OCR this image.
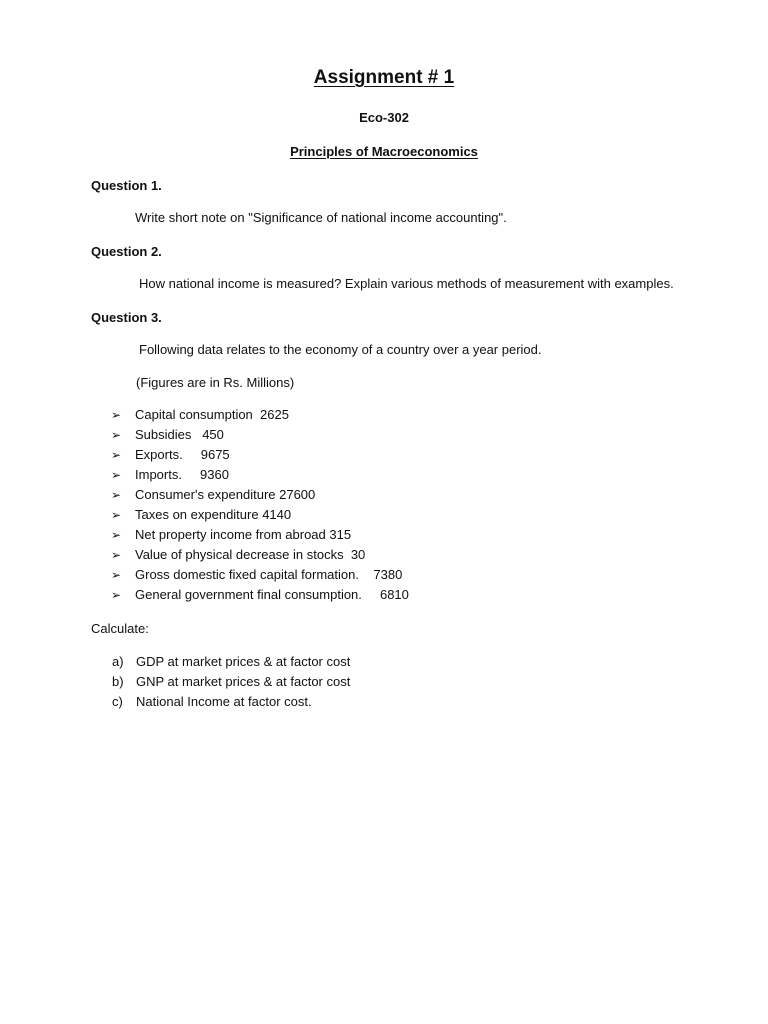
Assignment # 1
Eco-302
Principles of Macroeconomics
Question 1.
Write short note on "Significance of national income accounting".
Question 2.
How national income is measured? Explain various methods of measurement with examples.
Question 3.
Following data relates to the economy of a country over a year period.
(Figures are in Rs. Millions)
➢	Capital consumption  2625
➢	Subsidies   450
➢	Exports.     9675
➢	Imports.     9360
➢	Consumer's expenditure 27600
➢	Taxes on expenditure 4140
➢	Net property income from abroad 315
➢	Value of physical decrease in stocks  30
➢	Gross domestic fixed capital formation.    7380
➢	General government final consumption.     6810
Calculate:
a) GDP at market prices & at factor cost
b) GNP at market prices & at factor cost
c)	National Income at factor cost.
